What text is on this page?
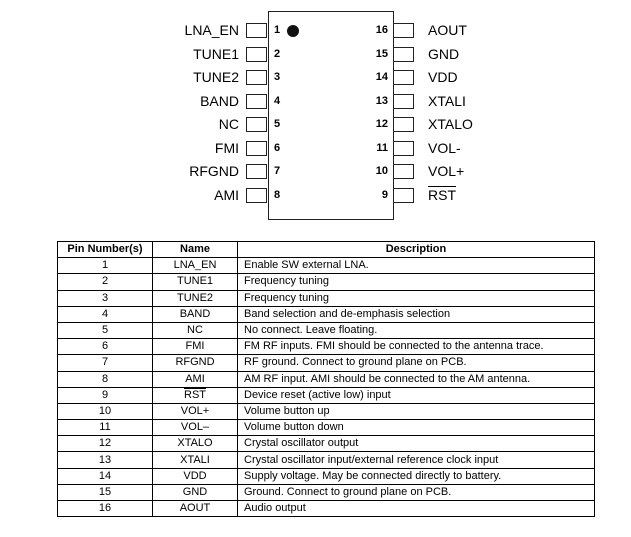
LNA_EN	1	16	AOUT
TUNE1	2	15	GND
TUNE2	3	14	VDD
BAND	4	13	XTALI
NC	5	12	XTALO
FMI	6	11	VOL-
RFGND	7	10	VOL+
AMI	8	9	$\overline{RST}$
Pin Number(s)	Name	Description
1	LNA_EN	Enable SW external LNA.
2	TUNE1	Frequency tuning
3	TUNE2	Frequency tuning
4	BAND	Band selection and de-emphasis selection
5	NC	No connect. Leave floating.
6	FMI	FM RF inputs. FMI should be connected to the antenna trace.
7	RFGND	RF ground. Connect to ground plane on PCB.
8	AMI	AM RF input. AMI should be connected to the AM antenna.
9	$\overline{RST}$	Device reset (active low) input
10	VOL+	Volume button up
11	VOL–	Volume button down
12	XTALO	Crystal oscillator output
13	XTALI	Crystal oscillator input/external reference clock input
14	VDD	Supply voltage. May be connected directly to battery.
15	GND	Ground. Connect to ground plane on PCB.
16	AOUT	Audio output
